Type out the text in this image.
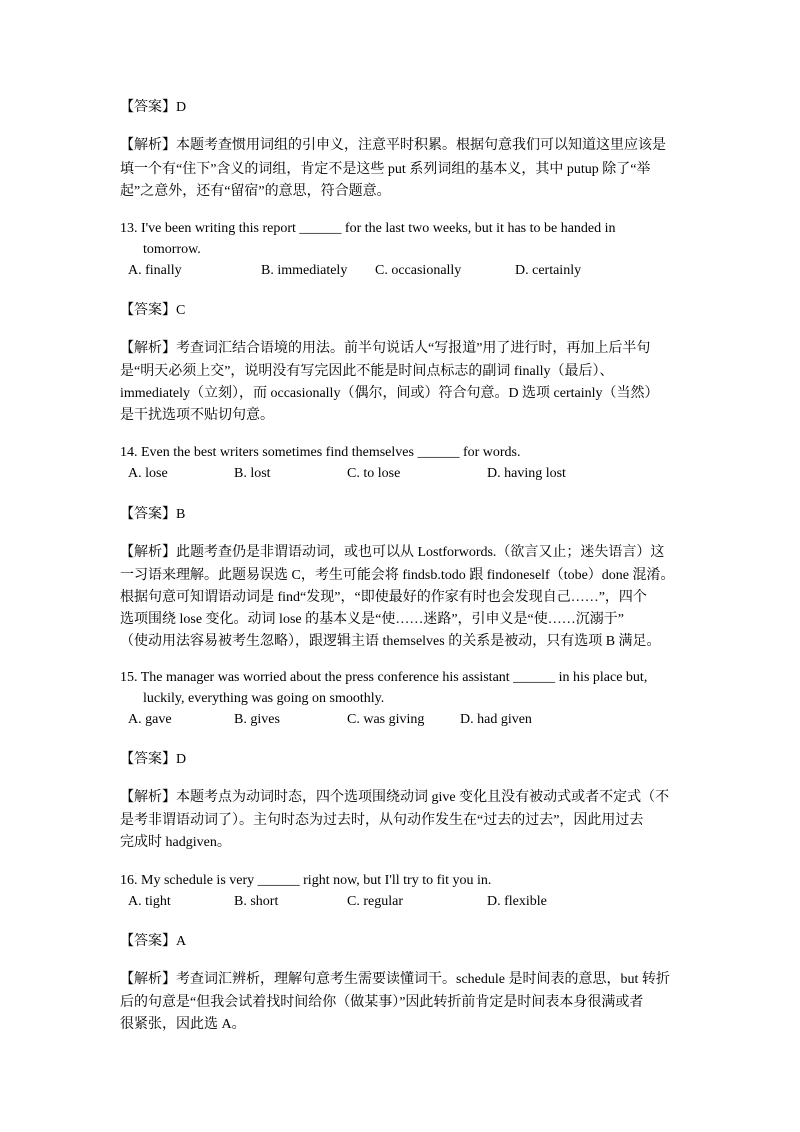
【答案】D
【解析】本题考查惯用词组的引申义，注意平时积累。根据句意我们可以知道这里应该是
填一个有“住下”含义的词组，肯定不是这些 put 系列词组的基本义，其中 putup 除了“举
起”之意外，还有“留宿”的意思，符合题意。
13. I've been writing this report ______ for the last two weeks, but it has to be handed in
tomorrow.
A. finally	B. immediately C. occasionally	D. certainly
【答案】C
【解析】考查词汇结合语境的用法。前半句说话人“写报道”用了进行时，再加上后半句
是“明天必须上交”，说明没有写完因此不能是时间点标志的副词 finally（最后）、
immediately（立刻），而 occasionally（偶尔，间或）符合句意。D 选项 certainly（当然）
是干扰选项不贴切句意。
14. Even the best writers sometimes find themselves ______ for words.
A. lose	B. lost	C. to lose	D. having lost
【答案】B
【解析】此题考查仍是非谓语动词，或也可以从 Lostforwords.（欲言又止；迷失语言）这
一习语来理解。此题易误选 C，考生可能会将 findsb.todo 跟 findoneself（tobe）done 混淆。
根据句意可知谓语动词是 find“发现”，“即使最好的作家有时也会发现自己……”，四个
选项围绕 lose 变化。动词 lose 的基本义是“使……迷路”，引申义是“使……沉溺于”
（使动用法容易被考生忽略），跟逻辑主语 themselves 的关系是被动，只有选项 B 满足。
15. The manager was worried about the press conference his assistant ______ in his place but,
luckily, everything was going on smoothly.
A. gave	B. gives	C. was giving	D. had given
【答案】D
【解析】本题考点为动词时态，四个选项围绕动词 give 变化且没有被动式或者不定式（不
是考非谓语动词了）。主句时态为过去时，从句动作发生在“过去的过去”，因此用过去
完成时 hadgiven。
16. My schedule is very ______ right now, but I'll try to fit you in.
A. tight	B. short	C. regular	D. flexible
【答案】A
【解析】考查词汇辨析，理解句意考生需要读懂词干。schedule 是时间表的意思，but 转折
后的句意是“但我会试着找时间给你（做某事）”因此转折前肯定是时间表本身很满或者
很紧张，因此选 A。
